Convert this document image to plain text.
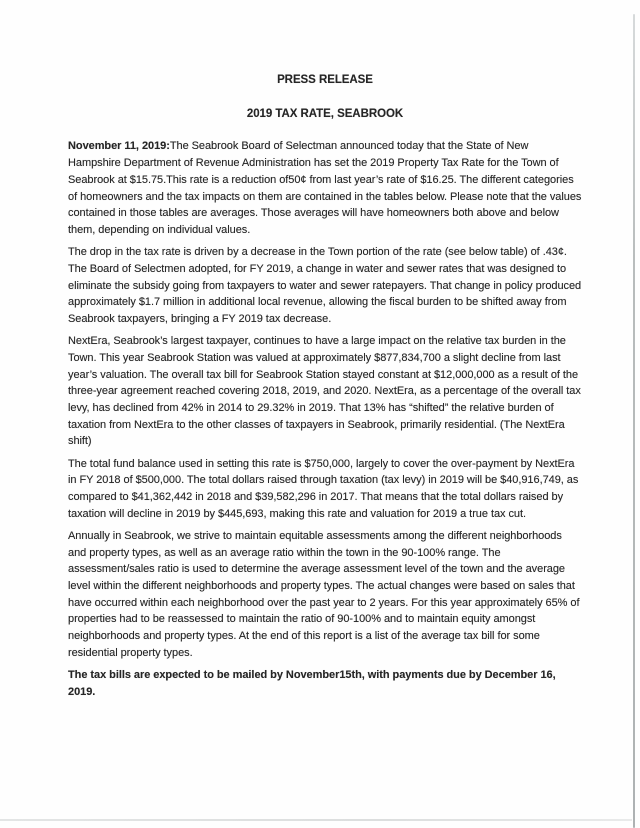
PRESS RELEASE
2019 TAX RATE, SEABROOK

November 11, 2019:The Seabrook Board of Selectman announced today that the State of New Hampshire Department of Revenue Administration has set the 2019 Property Tax Rate for the Town of Seabrook at $15.75.This rate is a reduction of50¢ from last year’s rate of $16.25. The different categories of homeowners and the tax impacts on them are contained in the tables below. Please note that the values contained in those tables are averages. Those averages will have homeowners both above and below them, depending on individual values.

The drop in the tax rate is driven by a decrease in the Town portion of the rate (see below table) of .43¢. The Board of Selectmen adopted, for FY 2019, a change in water and sewer rates that was designed to eliminate the subsidy going from taxpayers to water and sewer ratepayers. That change in policy produced approximately $1.7 million in additional local revenue, allowing the fiscal burden to be shifted away from Seabrook taxpayers, bringing a FY 2019 tax decrease.

NextEra, Seabrook’s largest taxpayer, continues to have a large impact on the relative tax burden in the Town. This year Seabrook Station was valued at approximately $877,834,700 a slight decline from last year’s valuation. The overall tax bill for Seabrook Station stayed constant at $12,000,000 as a result of the three-year agreement reached covering 2018, 2019, and 2020. NextEra, as a percentage of the overall tax levy, has declined from 42% in 2014 to 29.32% in 2019. That 13% has “shifted” the relative burden of taxation from NextEra to the other classes of taxpayers in Seabrook, primarily residential. (The NextEra shift)

The total fund balance used in setting this rate is $750,000, largely to cover the over-payment by NextEra in FY 2018 of $500,000. The total dollars raised through taxation (tax levy) in 2019 will be $40,916,749, as compared to $41,362,442 in 2018 and $39,582,296 in 2017. That means that the total dollars raised by taxation will decline in 2019 by $445,693, making this rate and valuation for 2019 a true tax cut.

Annually in Seabrook, we strive to maintain equitable assessments among the different neighborhoods and property types, as well as an average ratio within the town in the 90-100% range. The assessment/sales ratio is used to determine the average assessment level of the town and the average level within the different neighborhoods and property types. The actual changes were based on sales that have occurred within each neighborhood over the past year to 2 years. For this year approximately 65% of properties had to be reassessed to maintain the ratio of 90-100% and to maintain equity amongst neighborhoods and property types. At the end of this report is a list of the average tax bill for some residential property types.

The tax bills are expected to be mailed by November15th, with payments due by December 16, 2019.
